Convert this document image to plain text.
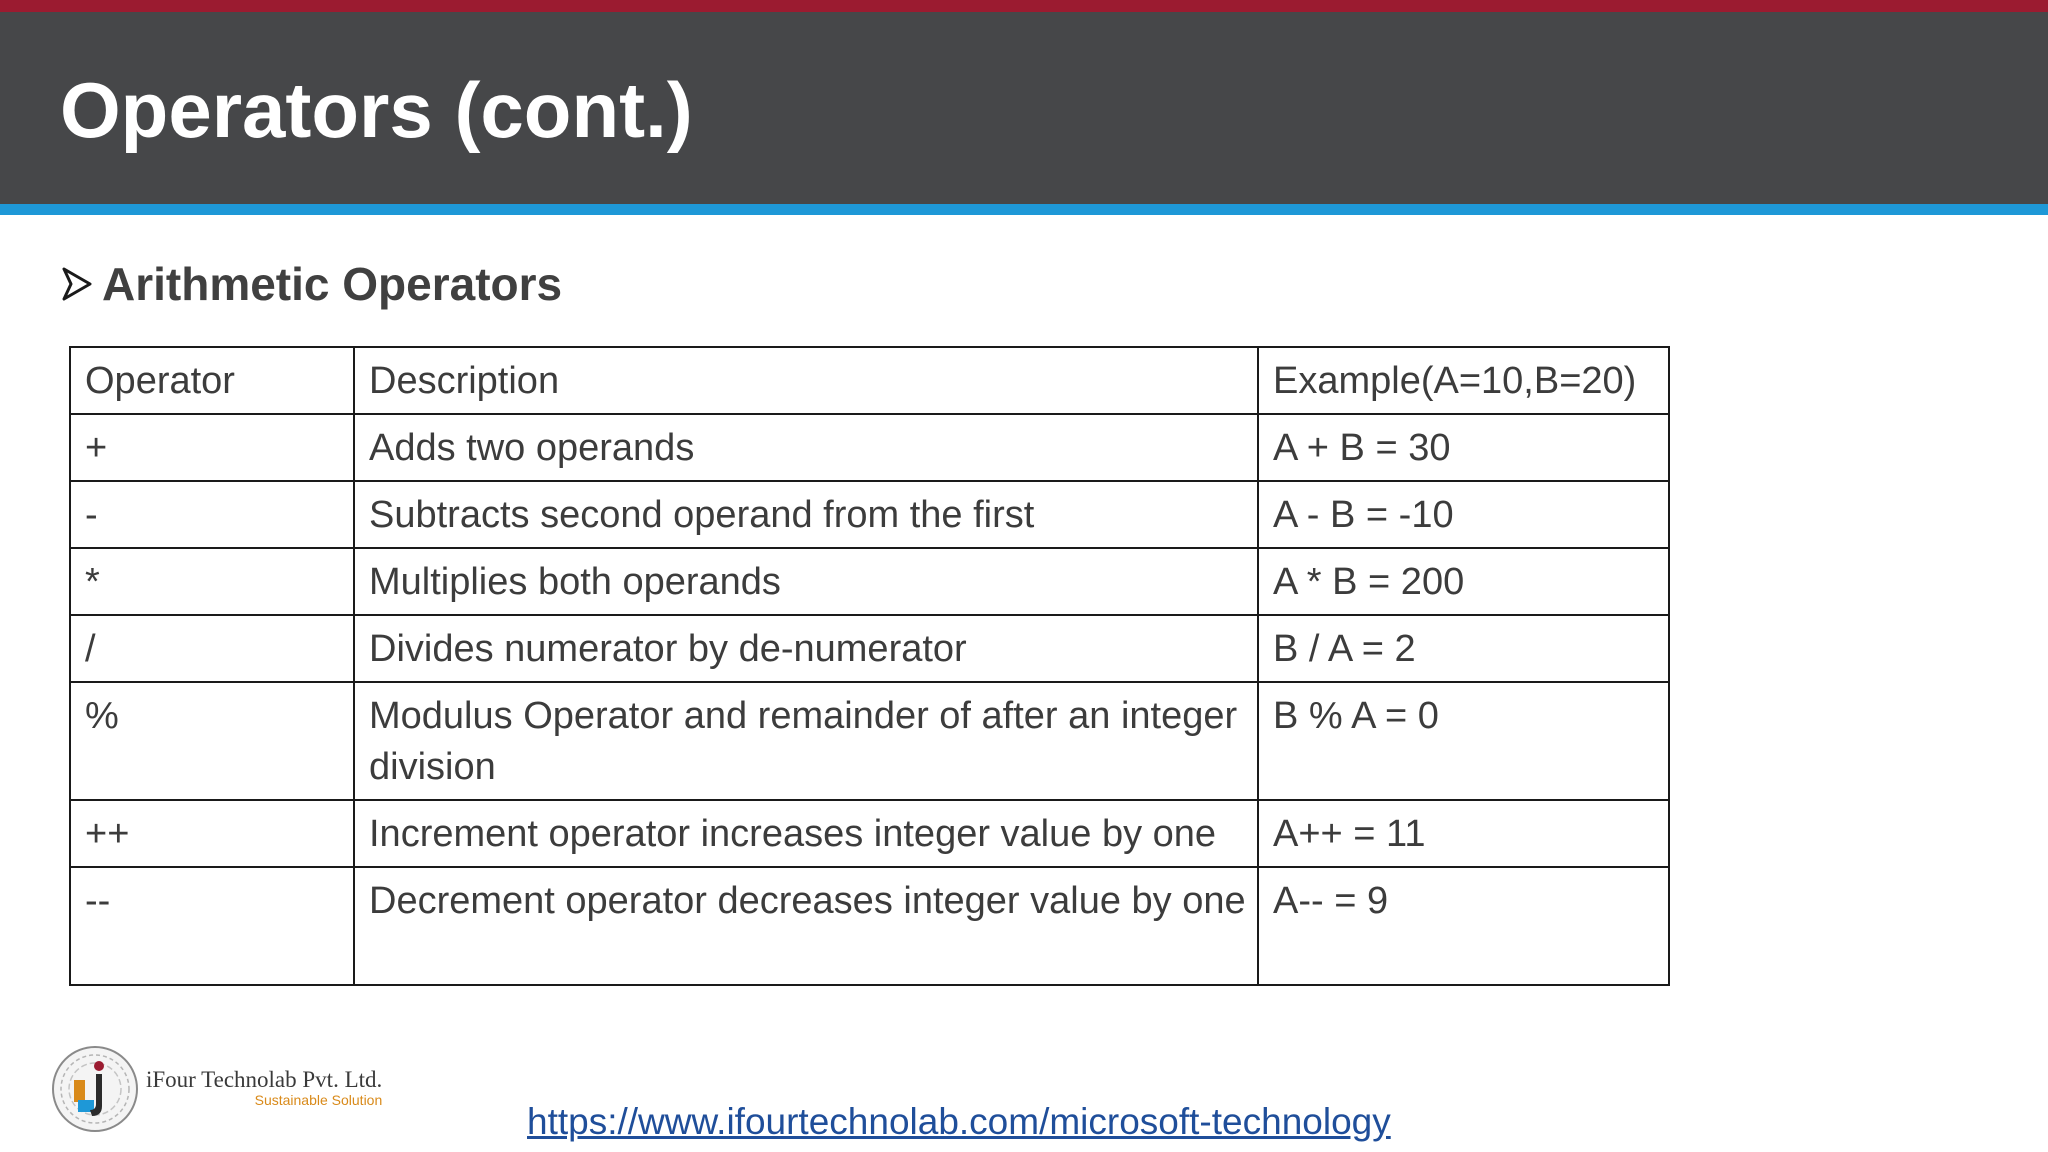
Operators (cont.)
Arithmetic Operators
Operator	Description	Example(A=10,B=20)
+	Adds two operands	A + B = 30
-	Subtracts second operand from the first	A - B = -10
*	Multiplies both operands	A * B = 200
/	Divides numerator by de-numerator	B / A = 2
%	Modulus Operator and remainder of after an integer division	B % A = 0
++	Increment operator increases integer value by one	A++ = 11
--	Decrement operator decreases integer value by one	A-- = 9
iFour Technolab Pvt. Ltd.
Sustainable Solution
https://www.ifourtechnolab.com/microsoft-technology
